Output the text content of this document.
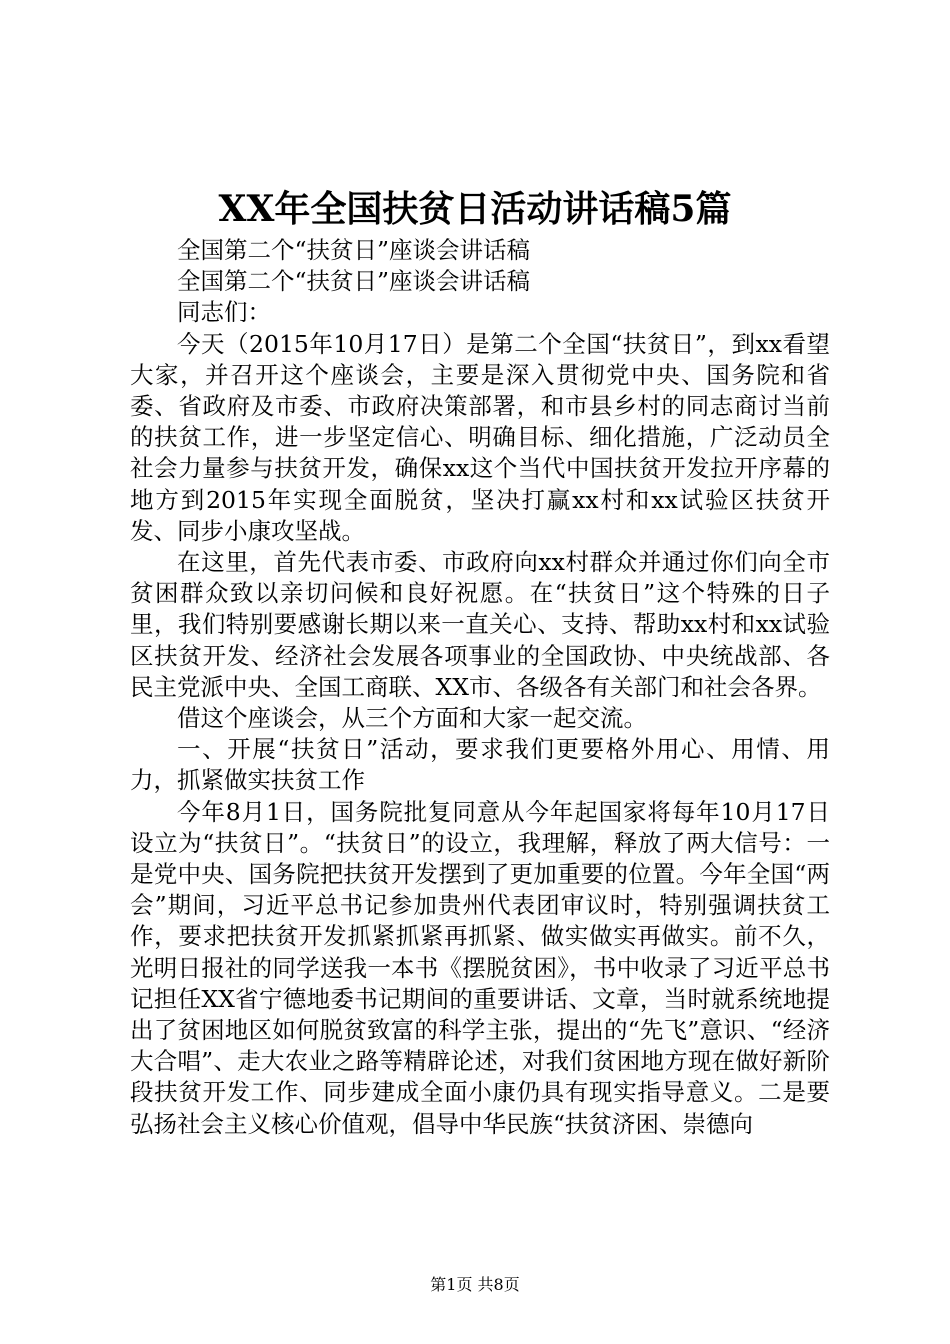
XX年全国扶贫日活动讲话稿5篇

全国第二个“扶贫日”座谈会讲话稿

全国第二个“扶贫日”座谈会讲话稿

同志们：

今天（2015年10月17日）是第二个全国“扶贫日”，到xx看望大家，并召开这个座谈会，主要是深入贯彻党中央、国务院和省委、省政府及市委、市政府决策部署，和市县乡村的同志商讨当前的扶贫工作，进一步坚定信心、明确目标、细化措施，广泛动员全社会力量参与扶贫开发，确保xx这个当代中国扶贫开发拉开序幕的地方到2015年实现全面脱贫，坚决打赢xx村和xx试验区扶贫开发、同步小康攻坚战。

在这里，首先代表市委、市政府向xx村群众并通过你们向全市贫困群众致以亲切问候和良好祝愿。在“扶贫日”这个特殊的日子里，我们特别要感谢长期以来一直关心、支持、帮助xx村和xx试验区扶贫开发、经济社会发展各项事业的全国政协、中央统战部、各民主党派中央、全国工商联、XX市、各级各有关部门和社会各界。

借这个座谈会，从三个方面和大家一起交流。

一、开展“扶贫日”活动，要求我们更要格外用心、用情、用力，抓紧做实扶贫工作

今年8月1日，国务院批复同意从今年起国家将每年10月17日设立为“扶贫日”。“扶贫日”的设立，我理解，释放了两大信号：一是党中央、国务院把扶贫开发摆到了更加重要的位置。今年全国“两会”期间，习近平总书记参加贵州代表团审议时，特别强调扶贫工作，要求把扶贫开发抓紧抓紧再抓紧、做实做实再做实。前不久，光明日报社的同学送我一本书《摆脱贫困》，书中收录了习近平总书记担任XX省宁德地委书记期间的重要讲话、文章，当时就系统地提出了贫困地区如何脱贫致富的科学主张，提出的“先飞”意识、“经济大合唱”、走大农业之路等精辟论述，对我们贫困地方现在做好新阶段扶贫开发工作、同步建成全面小康仍具有现实指导意义。二是要弘扬社会主义核心价值观，倡导中华民族“扶贫济困、崇德向

第1页 共8页
